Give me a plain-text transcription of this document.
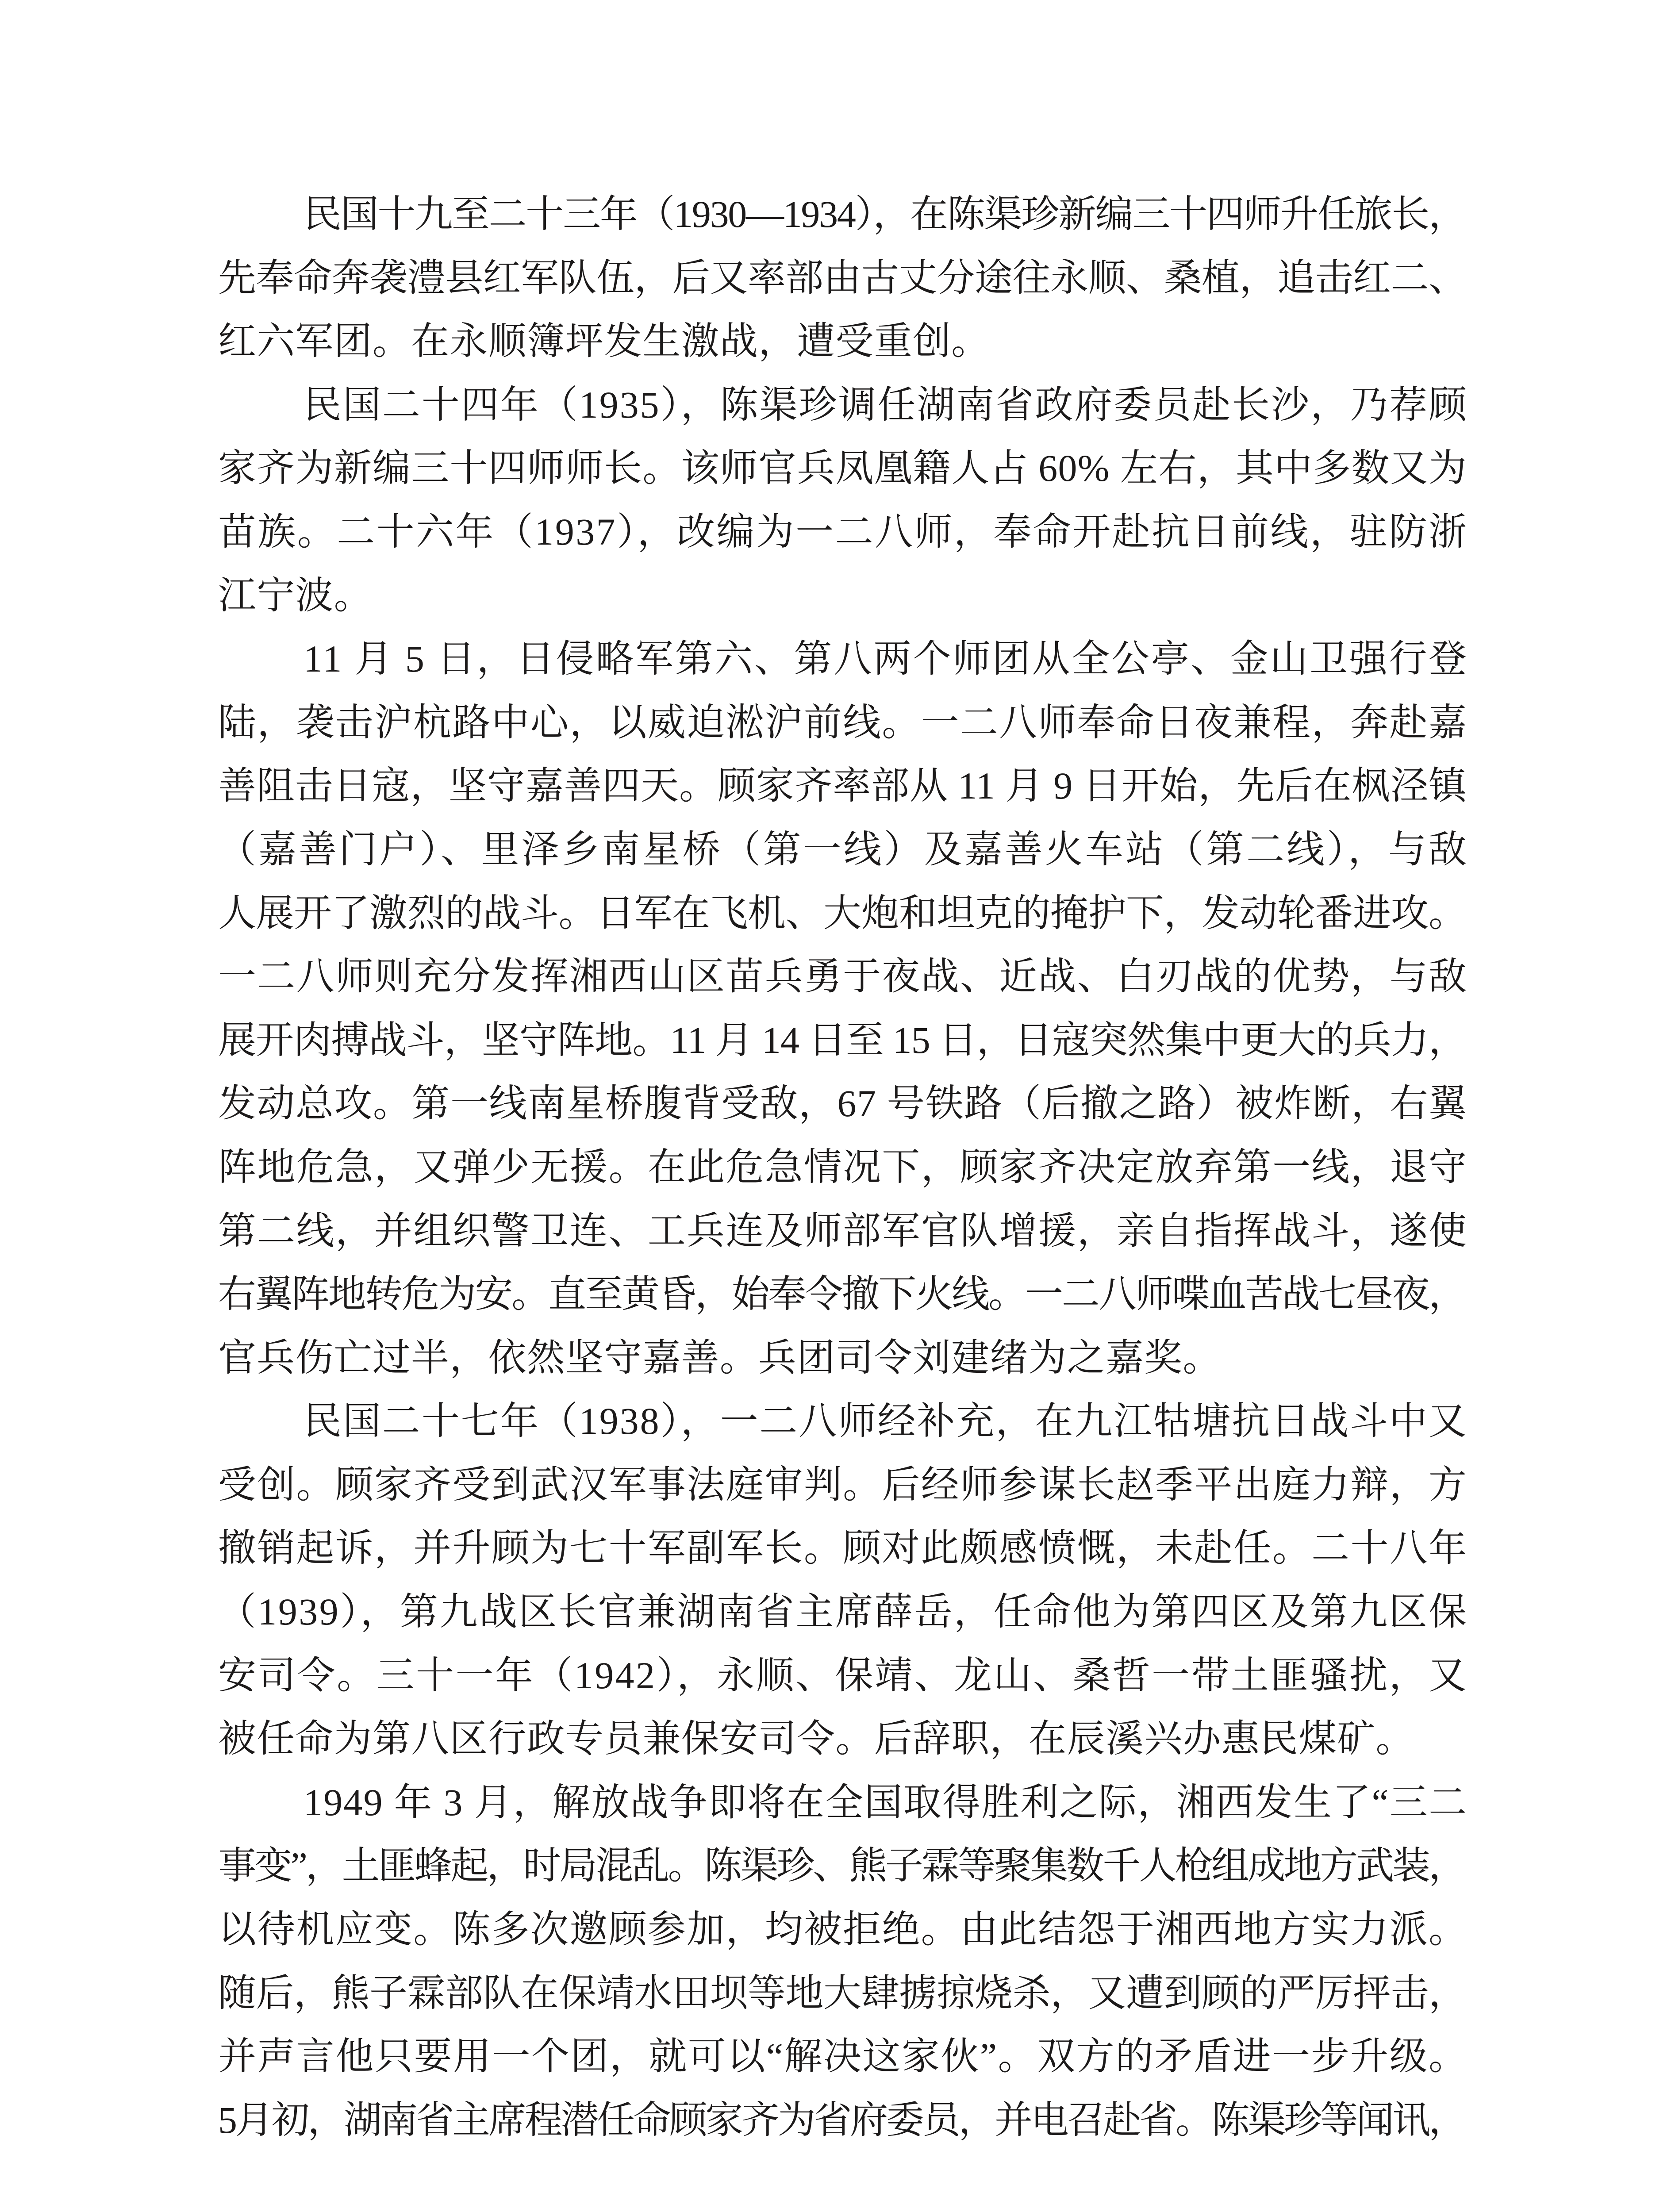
民国十九至二十三年（1930—1934），在陈渠珍新编三十四师升任旅长，
先奉命奔袭澧县红军队伍，后又率部由古丈分途往永顺、桑植，追击红二、
红六军团。在永顺簿坪发生激战，遭受重创。
民国二十四年（1935），陈渠珍调任湖南省政府委员赴长沙，乃荐顾
家齐为新编三十四师师长。该师官兵凤凰籍人占 60% 左右，其中多数又为
苗族。二十六年（1937），改编为一二八师，奉命开赴抗日前线，驻防浙
江宁波。
11 月 5 日，日侵略军第六、第八两个师团从全公亭、金山卫强行登
陆，袭击沪杭路中心，以威迫淞沪前线。一二八师奉命日夜兼程，奔赴嘉
善阻击日寇，坚守嘉善四天。顾家齐率部从 11 月 9 日开始，先后在枫泾镇
（嘉善门户）、里泽乡南星桥（第一线）及嘉善火车站（第二线），与敌
人展开了激烈的战斗。日军在飞机、大炮和坦克的掩护下，发动轮番进攻。
一二八师则充分发挥湘西山区苗兵勇于夜战、近战、白刃战的优势，与敌
展开肉搏战斗，坚守阵地。11 月 14 日至 15 日，日寇突然集中更大的兵力，
发动总攻。第一线南星桥腹背受敌，67 号铁路（后撤之路）被炸断，右翼
阵地危急，又弹少无援。在此危急情况下，顾家齐决定放弃第一线，退守
第二线，并组织警卫连、工兵连及师部军官队增援，亲自指挥战斗，遂使
右翼阵地转危为安。直至黄昏，始奉令撤下火线。一二八师喋血苦战七昼夜，
官兵伤亡过半，依然坚守嘉善。兵团司令刘建绪为之嘉奖。
民国二十七年（1938），一二八师经补充，在九江牯塘抗日战斗中又
受创。顾家齐受到武汉军事法庭审判。后经师参谋长赵季平出庭力辩，方
撤销起诉，并升顾为七十军副军长。顾对此颇感愤慨，未赴任。二十八年
（1939），第九战区长官兼湖南省主席薛岳，任命他为第四区及第九区保
安司令。三十一年（1942），永顺、保靖、龙山、桑哲一带土匪骚扰，又
被任命为第八区行政专员兼保安司令。后辞职，在辰溪兴办惠民煤矿。
1949 年 3 月，解放战争即将在全国取得胜利之际，湘西发生了“三二
事变”，土匪蜂起，时局混乱。陈渠珍、熊子霖等聚集数千人枪组成地方武装，
以待机应变。陈多次邀顾参加，均被拒绝。由此结怨于湘西地方实力派。
随后，熊子霖部队在保靖水田坝等地大肆掳掠烧杀，又遭到顾的严厉抨击，
并声言他只要用一个团，就可以“解决这家伙”。双方的矛盾进一步升级。
5月初，湖南省主席程潜任命顾家齐为省府委员，并电召赴省。陈渠珍等闻讯，
